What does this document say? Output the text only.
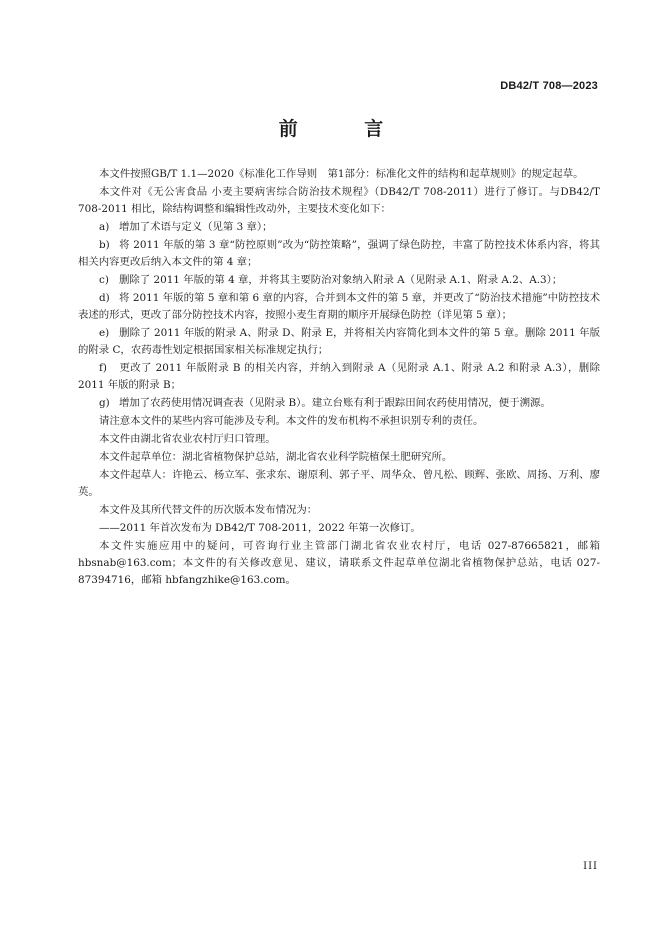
DB42/T 708—2023
前 言

本文件按照GB/T 1.1—2020《标准化工作导则　第1部分：标准化文件的结构和起草规则》的规定起草。

本文件对《无公害食品 小麦主要病害综合防治技术规程》（DB42/T 708-2011）进行了修订。与DB42/T 708-2011 相比，除结构调整和编辑性改动外，主要技术变化如下：

a) 增加了术语与定义（见第 3 章）；

b) 将 2011 年版的第 3 章“防控原则”改为“防控策略”，强调了绿色防控，丰富了防控技术体系内容，将其相关内容更改后纳入本文件的第 4 章；

c) 删除了 2011 年版的第 4 章，并将其主要防治对象纳入附录 A（见附录 A.1、附录 A.2、A.3）；

d) 将 2011 年版的第 5 章和第 6 章的内容，合并到本文件的第 5 章，并更改了“防治技术措施”中防控技术表述的形式，更改了部分防控技术内容，按照小麦生育期的顺序开展绿色防控（详见第 5 章）；

e) 删除了 2011 年版的附录 A、附录 D、附录 E，并将相关内容简化到本文件的第 5 章。删除 2011 年版的附录 C，农药毒性划定根据国家相关标准规定执行；

f) 更改了 2011 年版附录 B 的相关内容，并纳入到附录 A（见附录 A.1、附录 A.2 和附录 A.3），删除 2011 年版的附录 B；

g) 增加了农药使用情况调查表（见附录 B）。建立台账有利于跟踪田间农药使用情况，便于溯源。

请注意本文件的某些内容可能涉及专利。本文件的发布机构不承担识别专利的责任。

本文件由湖北省农业农村厅归口管理。

本文件起草单位：湖北省植物保护总站，湖北省农业科学院植保土肥研究所。

本文件起草人：许艳云、杨立军、张求东、谢原利、郭子平、周华众、曾凡松、顾辉、张欧、周扬、万利、廖英。

本文件及其所代替文件的历次版本发布情况为：

——2011 年首次发布为 DB42/T 708-2011，2022 年第一次修订。

本文件实施应用中的疑问，可咨询行业主管部门湖北省农业农村厅，电话 027-87665821，邮箱 hbsnab@163.com；本文件的有关修改意见、建议，请联系文件起草单位湖北省植物保护总站，电话 027-87394716，邮箱 hbfangzhike@163.com。

III
